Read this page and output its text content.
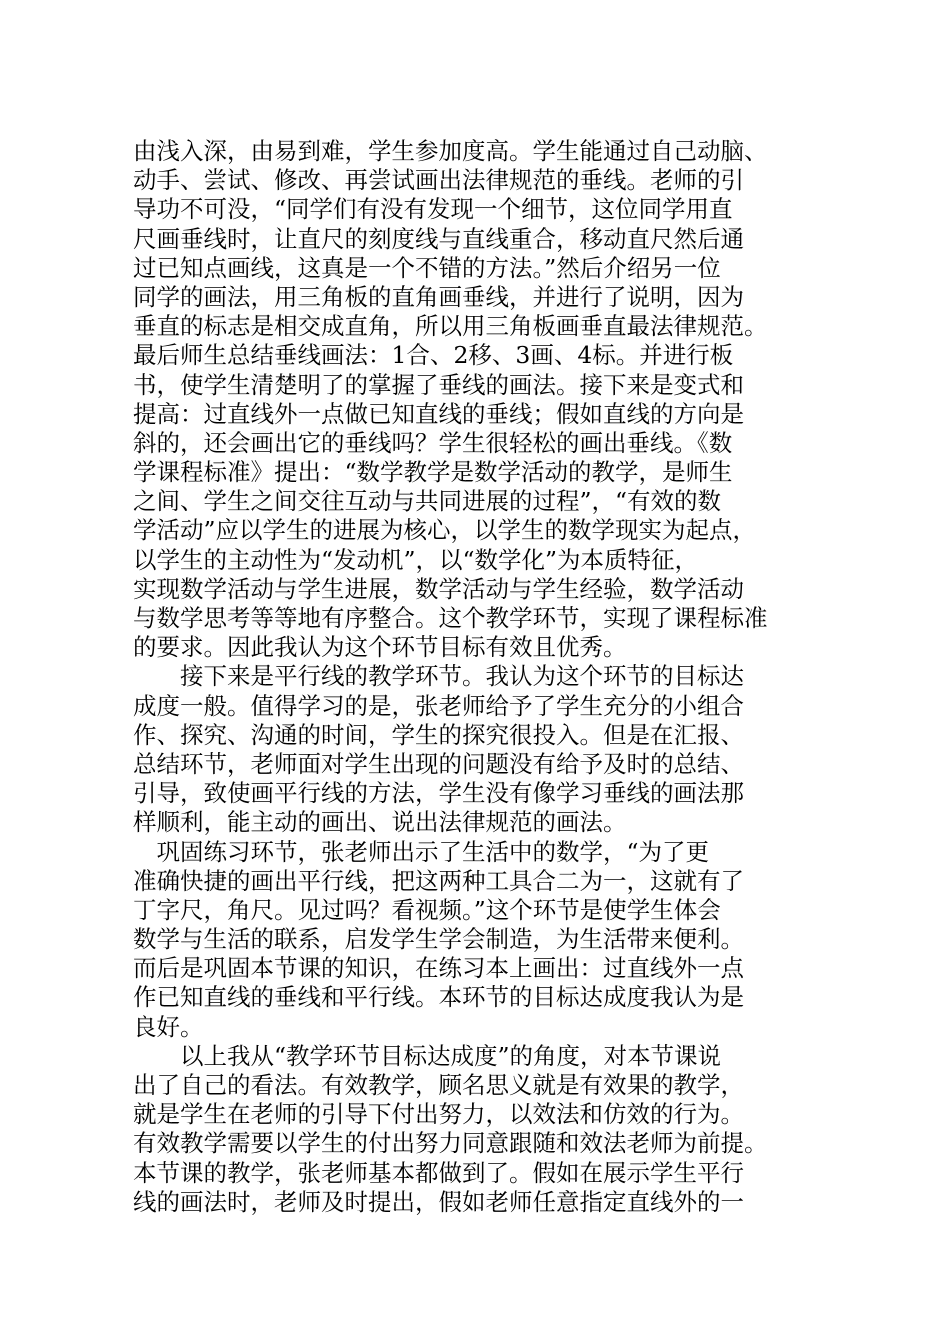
由浅入深，由易到难，学生参加度高。学生能通过自己动脑、
动手、尝试、修改、再尝试画出法律规范的垂线。老师的引
导功不可没，“同学们有没有发现一个细节，这位同学用直
尺画垂线时，让直尺的刻度线与直线重合，移动直尺然后通
过已知点画线，这真是一个不错的方法。”然后介绍另一位
同学的画法，用三角板的直角画垂线，并进行了说明，因为
垂直的标志是相交成直角，所以用三角板画垂直最法律规范。
最后师生总结垂线画法：1合、2移、3画、4标。并进行板
书，使学生清楚明了的掌握了垂线的画法。接下来是变式和
提高：过直线外一点做已知直线的垂线；假如直线的方向是
斜的，还会画出它的垂线吗？学生很轻松的画出垂线。《数
学课程标准》提出：“数学教学是数学活动的教学，是师生
之间、学生之间交往互动与共同进展的过程”，“有效的数
学活动”应以学生的进展为核心，以学生的数学现实为起点，
以学生的主动性为“发动机”，以“数学化”为本质特征，
实现数学活动与学生进展，数学活动与学生经验，数学活动
与数学思考等等地有序整合。这个教学环节，实现了课程标准
的要求。因此我认为这个环节目标有效且优秀。
　　接下来是平行线的教学环节。我认为这个环节的目标达
成度一般。值得学习的是，张老师给予了学生充分的小组合
作、探究、沟通的时间，学生的探究很投入。但是在汇报、
总结环节，老师面对学生出现的问题没有给予及时的总结、
引导，致使画平行线的方法，学生没有像学习垂线的画法那
样顺利，能主动的画出、说出法律规范的画法。
　巩固练习环节，张老师出示了生活中的数学，“为了更
准确快捷的画出平行线，把这两种工具合二为一，这就有了
丁字尺，角尺。见过吗？看视频。”这个环节是使学生体会
数学与生活的联系，启发学生学会制造，为生活带来便利。
而后是巩固本节课的知识，在练习本上画出：过直线外一点
作已知直线的垂线和平行线。本环节的目标达成度我认为是
良好。
　　以上我从“教学环节目标达成度”的角度，对本节课说
出了自己的看法。有效教学，顾名思义就是有效果的教学，
就是学生在老师的引导下付出努力，以效法和仿效的行为。
有效教学需要以学生的付出努力同意跟随和效法老师为前提。
本节课的教学，张老师基本都做到了。假如在展示学生平行
线的画法时，老师及时提出，假如老师任意指定直线外的一
